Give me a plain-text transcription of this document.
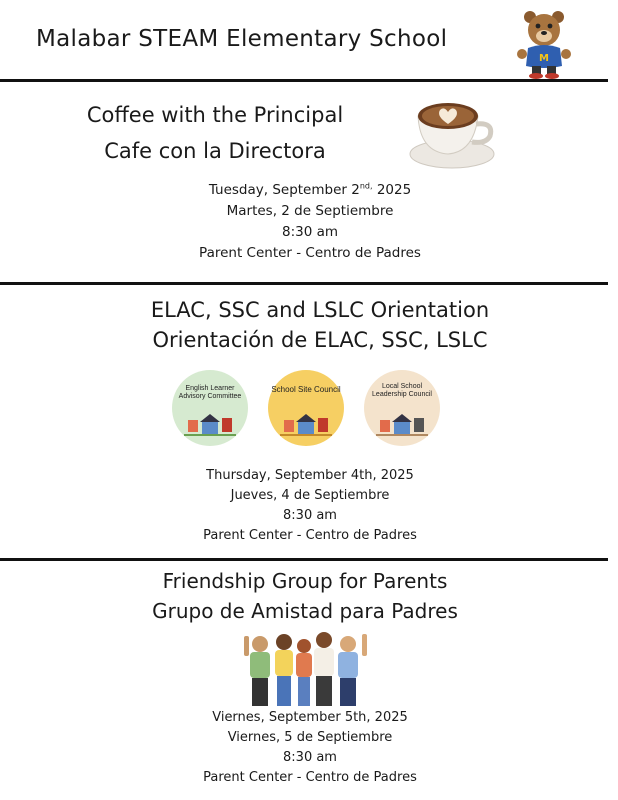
Malabar STEAM Elementary School
M
Coffee with the Principal
Cafe con la Directora
Tuesday, September $2^{nd,}$ 2025
Martes, 2 de Septiembre
8:30 am
Parent Center - Centro de Padres
ELAC, SSC and LSLC Orientation
Orientación de ELAC, SSC, LSLC
English Learner Advisory Committee
School Site Council	Local School Leadership Council
Thursday, September 4th, 2025
Jueves, 4 de Septiembre
8:30 am
Parent Center - Centro de Padres
Friendship Group for Parents
Grupo de Amistad para Padres
Viernes, September 5th, 2025
Viernes, 5 de Septiembre
8:30 am
Parent Center - Centro de Padres
